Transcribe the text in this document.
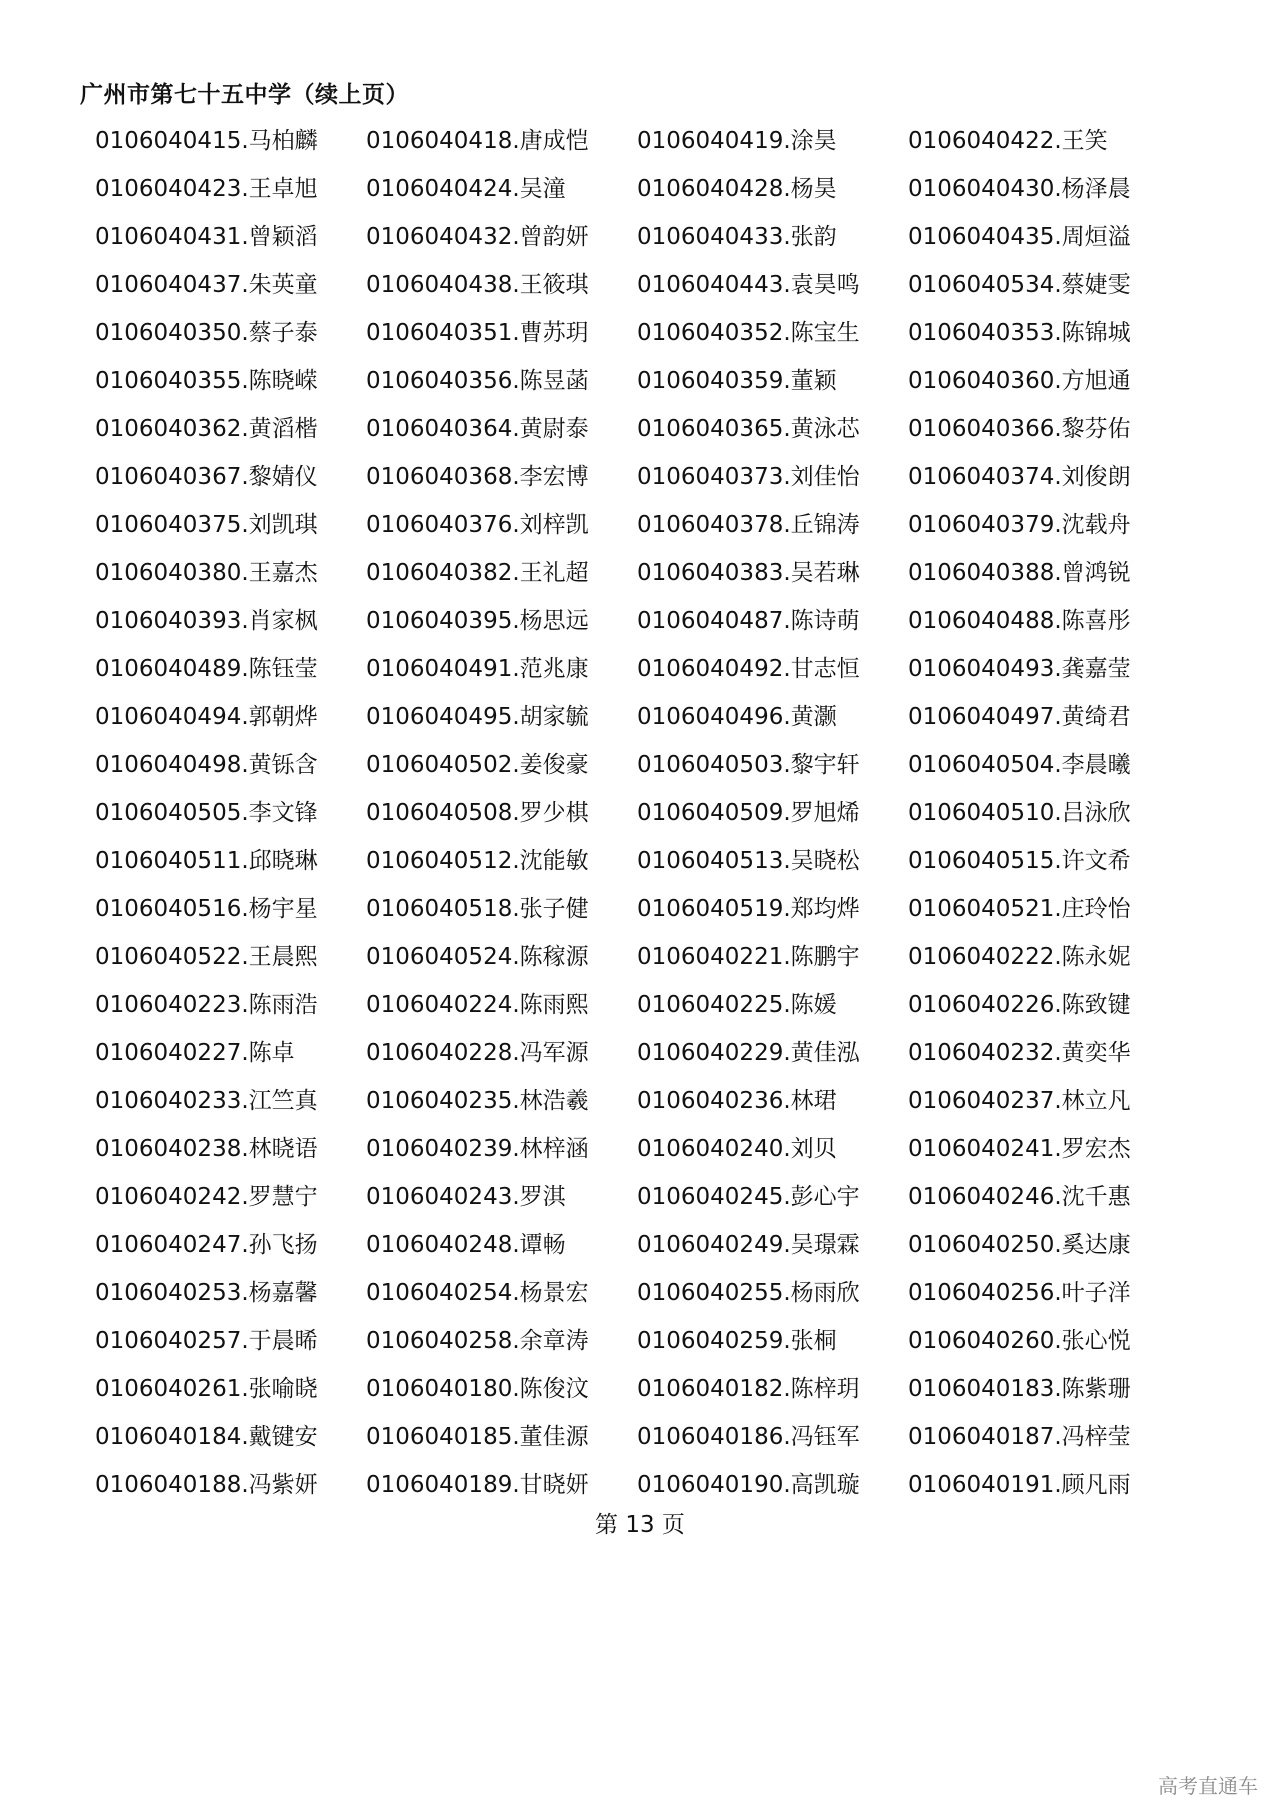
广州市第七十五中学（续上页）
0106040415.马柏麟	0106040418.唐成恺	0106040419.涂昊	0106040422.王笑
0106040423.王卓旭	0106040424.吴潼	0106040428.杨昊	0106040430.杨泽晨
0106040431.曾颖滔	0106040432.曾韵妍	0106040433.张韵	0106040435.周烜溢
0106040437.朱英童	0106040438.王筱琪	0106040443.袁昊鸣	0106040534.蔡婕雯
0106040350.蔡子泰	0106040351.曹苏玥	0106040352.陈宝生	0106040353.陈锦城
0106040355.陈晓嵘	0106040356.陈昱菡	0106040359.董颖	0106040360.方旭通
0106040362.黄滔楷	0106040364.黄尉泰	0106040365.黄泳芯	0106040366.黎芬佑
0106040367.黎婧仪	0106040368.李宏博	0106040373.刘佳怡	0106040374.刘俊朗
0106040375.刘凯琪	0106040376.刘梓凯	0106040378.丘锦涛	0106040379.沈载舟
0106040380.王嘉杰	0106040382.王礼超	0106040383.吴若琳	0106040388.曾鸿锐
0106040393.肖家枫	0106040395.杨思远	0106040487.陈诗萌	0106040488.陈喜彤
0106040489.陈钰莹	0106040491.范兆康	0106040492.甘志恒	0106040493.龚嘉莹
0106040494.郭朝烨	0106040495.胡家毓	0106040496.黄灏	0106040497.黄绮君
0106040498.黄铄含	0106040502.姜俊豪	0106040503.黎宇轩	0106040504.李晨曦
0106040505.李文锋	0106040508.罗少棋	0106040509.罗旭烯	0106040510.吕泳欣
0106040511.邱晓琳	0106040512.沈能敏	0106040513.吴晓松	0106040515.许文希
0106040516.杨宇星	0106040518.张子健	0106040519.郑均烨	0106040521.庄玲怡
0106040522.王晨熙	0106040524.陈稼源	0106040221.陈鹏宇	0106040222.陈永妮
0106040223.陈雨浩	0106040224.陈雨熙	0106040225.陈媛	0106040226.陈致键
0106040227.陈卓	0106040228.冯军源	0106040229.黄佳泓	0106040232.黄奕华
0106040233.江竺真	0106040235.林浩羲	0106040236.林珺	0106040237.林立凡
0106040238.林晓语	0106040239.林梓涵	0106040240.刘贝	0106040241.罗宏杰
0106040242.罗慧宁	0106040243.罗淇	0106040245.彭心宇	0106040246.沈千惠
0106040247.孙飞扬	0106040248.谭畅	0106040249.吴璟霖	0106040250.奚达康
0106040253.杨嘉馨	0106040254.杨景宏	0106040255.杨雨欣	0106040256.叶子洋
0106040257.于晨晞	0106040258.余章涛	0106040259.张桐	0106040260.张心悦
0106040261.张喻晓	0106040180.陈俊汶	0106040182.陈梓玥	0106040183.陈紫珊
0106040184.戴键安	0106040185.董佳源	0106040186.冯钰军	0106040187.冯梓莹
0106040188.冯紫妍	0106040189.甘晓妍	0106040190.高凯璇	0106040191.顾凡雨
第 13 页
高考直通车
